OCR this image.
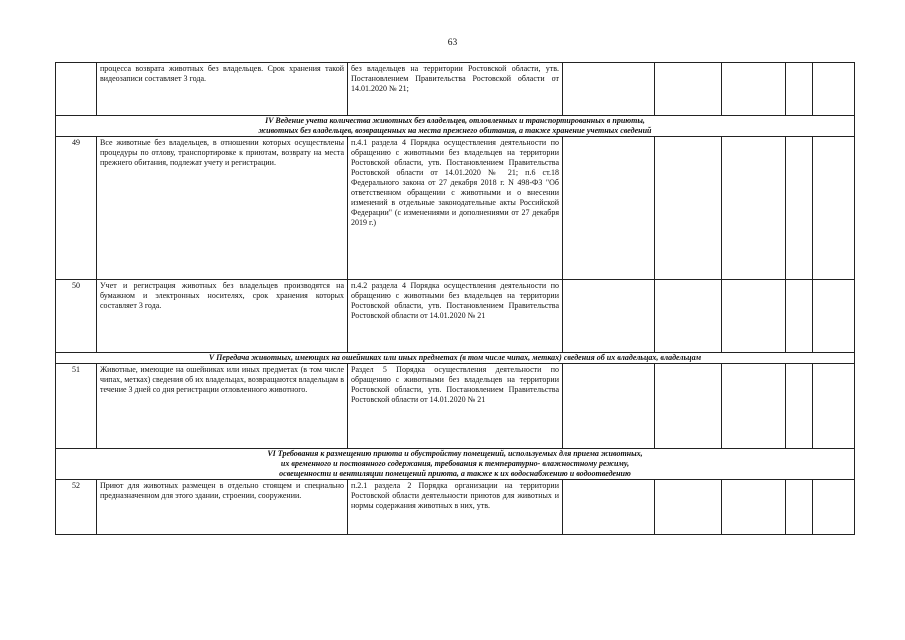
63
	процесса возврата животных без владельцев. Срок хранения такой видеозаписи составляет 3 года.	без владельцев на территории Ростовской области, утв. Постановлением Правительства Ростовской области от 14.01.2020 № 21;					

IV Ведение учета количества животных без владельцев, отловленных и транспортированных в приюты,
животных без владельцев, возвращенных на места прежнего обитания, а также хранение учетных сведений							

49	Все животные без владельцев, в отношении которых осуществлены процедуры по отлову, транспортировке к приютам, возврату на места прежнего обитания, подлежат учету и регистрации.	п.4.1 раздела 4 Порядка осуществления деятельности по обращению с животными без владельцев на территории Ростовской области, утв. Постановлением Правительства Ростовской области от 14.01.2020 № 21; п.6 ст.18 Федерального закона от 27 декабря 2018 г. N 498-ФЗ "Об ответственном обращении с животными и о внесении изменений в отдельные законодательные акты Российской Федерации" (с изменениями и дополнениями от 27 декабря 2019 г.)					
50	Учет и регистрация животных без владельцев производятся на бумажном и электронных носителях, срок хранения которых составляет 3 года.	п.4.2 раздела 4 Порядка осуществления деятельности по обращению с животными без владельцев на территории Ростовской области, утв. Постановлением Правительства Ростовской области от 14.01.2020 № 21					

V Передача животных, имеющих на ошейниках или иных предметах (в том числе чипах, метках) сведения об их владельцах, владельцам							

51	Животные, имеющие на ошейниках или иных предметах (в том числе чипах, метках) сведения об их владельцах, возвращаются владельцам в течение 3 дней со дня регистрации отловленного животного.	Раздел 5 Порядка осуществления деятельности по обращению с животными без владельцев на территории Ростовской области, утв. Постановлением Правительства Ростовской области от 14.01.2020 № 21					

VI Требования к размещению приюта и обустройству помещений, используемых для приема животных,
их временного и постоянного содержания, требования к температурно- влажностному режиму,
освещенности и вентиляции помещений приюта, а также к их водоснабжению и водоотведению							

52	Приют для животных размещен в отдельно стоящем и специально предназначенном для этого здании, строении, сооружении.	п.2.1 раздела 2 Порядка организации на территории Ростовской области деятельности приютов для животных и нормы содержания животных в них, утв.					
